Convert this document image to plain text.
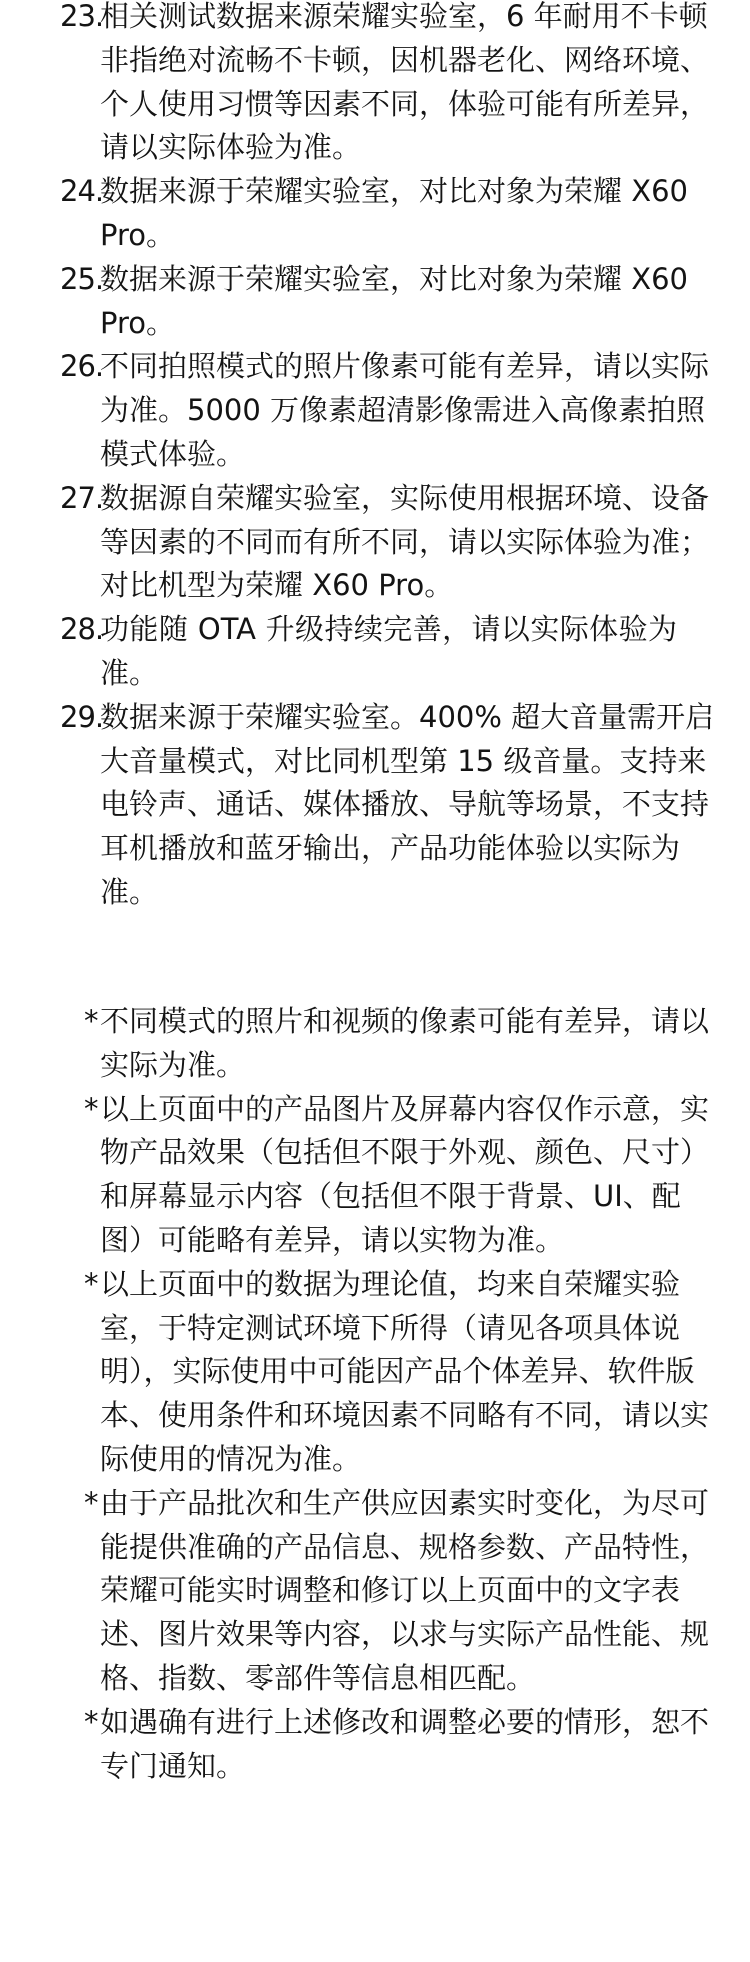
23.
相关测试数据来源荣耀实验室，6 年耐用不卡顿
非指绝对流畅不卡顿，因机器老化、网络环境、
个人使用习惯等因素不同，体验可能有所差异，
请以实际体验为准。
24.
数据来源于荣耀实验室，对比对象为荣耀 X60
Pro。
25.
数据来源于荣耀实验室，对比对象为荣耀 X60
Pro。
26.
不同拍照模式的照片像素可能有差异，请以实际
为准。5000 万像素超清影像需进入高像素拍照
模式体验。
27.
数据源自荣耀实验室，实际使用根据环境、设备
等因素的不同而有所不同，请以实际体验为准；
对比机型为荣耀 X60 Pro。
28.
功能随 OTA 升级持续完善，请以实际体验为
准。
29.
数据来源于荣耀实验室。400% 超大音量需开启
大音量模式，对比同机型第 15 级音量。支持来
电铃声、通话、媒体播放、导航等场景，不支持
耳机播放和蓝牙输出，产品功能体验以实际为
准。
* 不同模式的照片和视频的像素可能有差异，请以
实际为准。
* 以上页面中的产品图片及屏幕内容仅作示意，实
物产品效果（包括但不限于外观、颜色、尺寸）
和屏幕显示内容（包括但不限于背景、UI、配
图）可能略有差异，请以实物为准。
* 以上页面中的数据为理论值，均来自荣耀实验
室，于特定测试环境下所得（请见各项具体说
明），实际使用中可能因产品个体差异、软件版
本、使用条件和环境因素不同略有不同，请以实
际使用的情况为准。
* 由于产品批次和生产供应因素实时变化，为尽可
能提供准确的产品信息、规格参数、产品特性，
荣耀可能实时调整和修订以上页面中的文字表
述、图片效果等内容，以求与实际产品性能、规
格、指数、零部件等信息相匹配。
* 如遇确有进行上述修改和调整必要的情形，恕不
专门通知。
